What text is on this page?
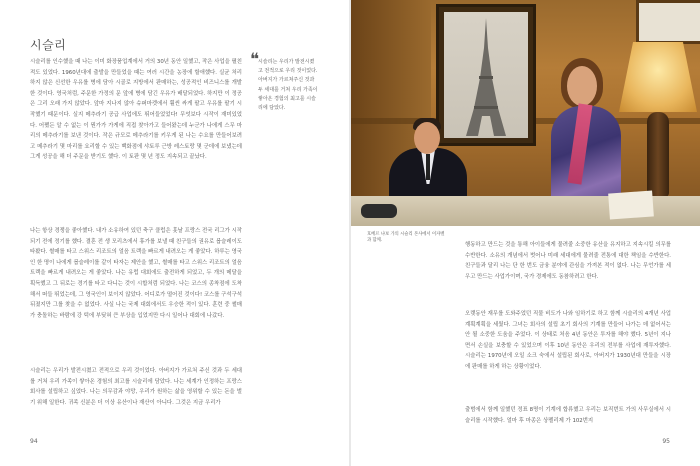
시슬리

시슬리를 인수했을 때 나는 이미 화장품업계에서 거의 30년 동안 일했고, 작은 사업을 펼친 적도 있었다. 1960년대에 출발을 만들었을 때는 여러 시간을 농장에 할애했다. 실균 처리하지 않은 신선한 우유를 병에 담아 시골로 지방에서 판매하는, 성공적인 비즈니스를 개발한 것이다. 영국처럼, 주문한 가정의 문 앞에 병에 담긴 우유가 배달되었다. 하지만 이 정공은 그리 오래 가지 않았다. 앞마 지나지 않아 슈퍼마켓에서 훨씬 싸게 팔고 우유를 팔기 시작했기 때문이다. 실지 메추라기 공급 사업에도 뛰어들었었다! 무엇보다 시작이 재미있었다. 어쨌든 알 수 없는 이 뭔가가 가게에 직접 찾아가고 들어왔는데 누군가 나에게 스무 마리의 메추라기를 보낸 것이다. 작은 규모로 메추라기를 키우게 된 나는 수요를 만들어보려고 메추라기 몇 마리를 요리할 수 있는 백화점에 샤토루 근방 레스토랑 몇 군데에 보냈는데 그게 성공을 해 더 주문을 받기도 했다. 이 토판 몇 년 정도 지속되고 끝났다.

나는 항상 경쟁을 좋아했다. 내가 소유하여 있던 축구 클럽은 훗날 프랑스 전국 리그가 시작되기 전에 정기를 했다. 결혼 전 생 모리츠에서 휴가를 보낼 때 친구들의 권유로 봅슬레이도 타봤다. 썰매를 타고 스위스 리조트의 얼음 트랙을 빠르게 내려오는 게 좋았다. 하루는 영국인 한 명이 나에게 봅슬레이를 같이 타자는 제안을 했고, 썰매를 타고 스위스 리조트의 얼음 트랙을 빠르게 내려오는 게 좋았다. 나는 유럽 대회에도 출전하게 되었고, 두 개의 메달을 획득했고 그 뒤로는 경기를 타고 다니는 것이 시합처럼 되었다. 나는 코스의 종착점에 도착해서 떠들 뛰었는데, 그 영국인이 보이지 않았다. 어디로가 떨어진 것이다! 코스를 구석구석 뒤졌지만 그를 찾을 수 없었다. 사실 나는 국제 대회에서도 우승한 적이 있다. 훈련 중 썰매가 충돌하는 바람에 강 턱에 부딪혀 큰 부상을 입었지만 다시 일어나 대회에 나갔다.

시슬리는 우리가 발전시켰고 전적으로 우리 것이었다. 아버지가 가르쳐 주신 것과 두 세대를 거쳐 우리 가족이 쌓아온 경험의 최고를 시슬리에 담았다. 나는 세계가 인정하는 프랑스 회사를 설립하고 싶었다. 나는 의무감과 야망, 우리가 원하는 삶을 영위할 수 있는 돈을 벌기 위해 일한다. 귀족 신분은 더 이상 유산이나 재산이 아니다. 그것은 지금 우리가

❝
시슬리는 우리가 발전시켰고 전적으로 우리 것이었다. 아버지가 가르쳐주신 것과 두 세대를 거쳐 우리 가족이 쌓아온 경험의 최고를 시슬리에 담았다.
94
호베르 냐보 가의 시슬리 본사에서 이자벨과 함께.

행동하고 만드는 것을 통해 아이들에게 물려줄 소중한 유산을 유지하고 지속시킬 의무를 수반한다. 소유의 개념에서 벗어나 미래 세대에게 물려줄 전통에 대한 책임을 수반한다. 친구들과 달리 나는 단 한 번도 금융 분야에 관심을 가져본 적이 없다. 나는 무언가를 세우고 만드는 사업가이며, 국가 경제에도 동참하려고 한다.

오랫동안 재무를 도와주었던 직물 비도가 나와 임하기로 하고 함께 시슬리의 4개년 사업 계획계획을 세웠다. 그녀는 회사의 설립 초기 회사의 기계를 만들어 나가는 데 없어서는 안 될 소중한 도움을 주었다. 이 상태로 처음 4년 동안은 투자를 해야 했다. 5년이 지나면서 손실을 보충할 수 있었으며 이후 10년 동안은 우리의 전부를 사업에 재투자했다. 시슬리는 1970년에 오일 소크 숙에서 설립된 회사로, 아버지가 1930년대 만들을 시장에 판매를 하게 하는 상황이었다.

출범에서 함께 일했던 정표 8명이 기계에 합류했고 우리는 보직번트 가의 사무실에서 시슬리를 시작했다. 얼마 후 마종은 상펠리제 가 102번지

95
